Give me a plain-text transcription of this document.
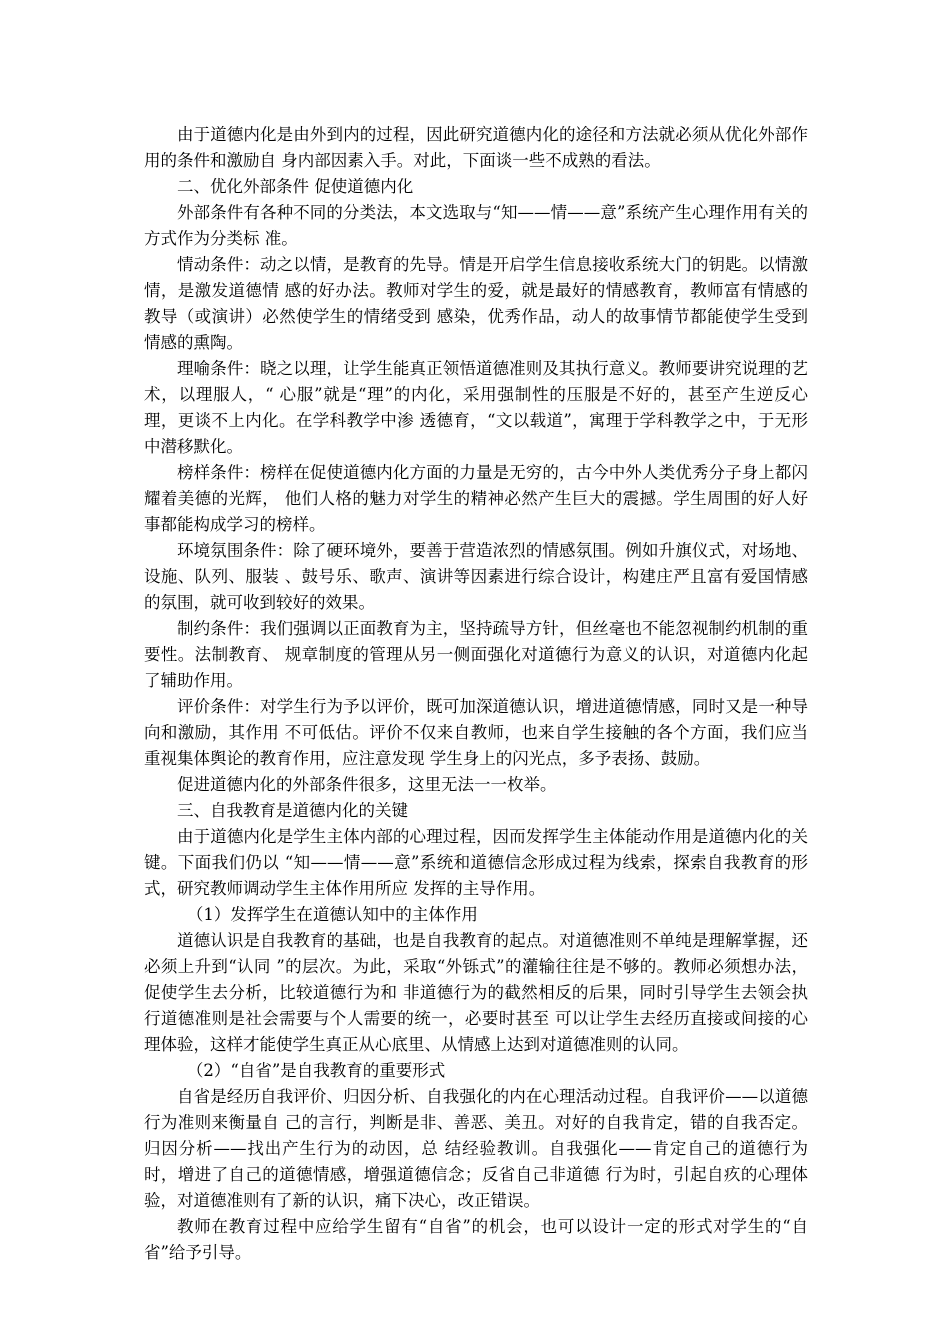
由于道德内化是由外到内的过程，因此研究道德内化的途径和方法就必须从优化外部作用的条件和激励自 身内部因素入手。对此，下面谈一些不成熟的看法。

二、优化外部条件 促使道德内化

外部条件有各种不同的分类法，本文选取与“知——情——意”系统产生心理作用有关的方式作为分类标 准。

情动条件：动之以情，是教育的先导。情是开启学生信息接收系统大门的钥匙。以情激情，是激发道德情 感的好办法。教师对学生的爱，就是最好的情感教育，教师富有情感的教导（或演讲）必然使学生的情绪受到 感染，优秀作品，动人的故事情节都能使学生受到情感的熏陶。

理喻条件：晓之以理，让学生能真正领悟道德准则及其执行意义。教师要讲究说理的艺术，以理服人，“ 心服”就是“理”的内化，采用强制性的压服是不好的，甚至产生逆反心理，更谈不上内化。在学科教学中渗 透德育，“文以载道”，寓理于学科教学之中，于无形中潜移默化。

榜样条件：榜样在促使道德内化方面的力量是无穷的，古今中外人类优秀分子身上都闪耀着美德的光辉， 他们人格的魅力对学生的精神必然产生巨大的震撼。学生周围的好人好事都能构成学习的榜样。

环境氛围条件：除了硬环境外，要善于营造浓烈的情感氛围。例如升旗仪式，对场地、设施、队列、服装 、鼓号乐、歌声、演讲等因素进行综合设计，构建庄严且富有爱国情感的氛围，就可收到较好的效果。

制约条件：我们强调以正面教育为主，坚持疏导方针，但丝毫也不能忽视制约机制的重要性。法制教育、 规章制度的管理从另一侧面强化对道德行为意义的认识，对道德内化起了辅助作用。

评价条件：对学生行为予以评价，既可加深道德认识，增进道德情感，同时又是一种导向和激励，其作用 不可低估。评价不仅来自教师，也来自学生接触的各个方面，我们应当重视集体舆论的教育作用，应注意发现 学生身上的闪光点，多予表扬、鼓励。

促进道德内化的外部条件很多，这里无法一一枚举。

三、自我教育是道德内化的关键

由于道德内化是学生主体内部的心理过程，因而发挥学生主体能动作用是道德内化的关键。下面我们仍以 “知——情——意”系统和道德信念形成过程为线索，探索自我教育的形式，研究教师调动学生主体作用所应 发挥的主导作用。

（1）发挥学生在道德认知中的主体作用

道德认识是自我教育的基础，也是自我教育的起点。对道德准则不单纯是理解掌握，还必须上升到“认同 ”的层次。为此，采取“外铄式”的灌输往往是不够的。教师必须想办法，促使学生去分析，比较道德行为和 非道德行为的截然相反的后果，同时引导学生去领会执行道德准则是社会需要与个人需要的统一，必要时甚至 可以让学生去经历直接或间接的心理体验，这样才能使学生真正从心底里、从情感上达到对道德准则的认同。

（2）“自省”是自我教育的重要形式

自省是经历自我评价、归因分析、自我强化的内在心理活动过程。自我评价——以道德行为准则来衡量自 己的言行，判断是非、善恶、美丑。对好的自我肯定，错的自我否定。归因分析——找出产生行为的动因，总 结经验教训。自我强化——肯定自己的道德行为时，增进了自己的道德情感，增强道德信念；反省自己非道德 行为时，引起自疚的心理体验，对道德准则有了新的认识，痛下决心，改正错误。

教师在教育过程中应给学生留有“自省”的机会，也可以设计一定的形式对学生的“自省”给予引导。
